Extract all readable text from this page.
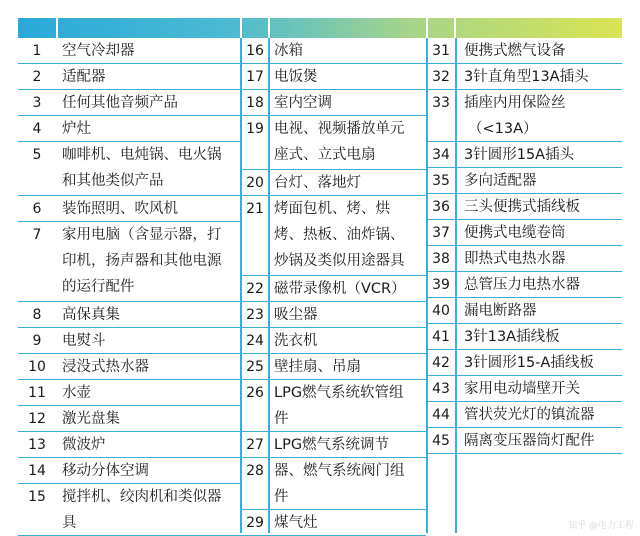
1	空气冷却器
2	适配器
3	任何其他音频产品
4	炉灶
5	咖啡机、电炖锅、电火锅
和其他类似产品
6	装饰照明、吹风机
7	家用电脑（含显示器，打
印机，扬声器和其他电源
的运行配件
8	高保真集
9	电熨斗
10	浸没式热水器
11	水壶
12	激光盘集
13	微波炉
14	移动分体空调
15	搅拌机、绞肉机和类似器
具
16 冰箱
17 电饭煲
18 室内空调
19 电视、视频播放单元
座式、立式电扇
20 台灯、落地灯
21 烤面包机、烤、烘
烤、热板、油炸锅、
炒锅及类似用途器具
22 磁带录像机（VCR）
23 吸尘器
24 洗衣机
25 壁挂扇、吊扇
26 LPG燃气系统软管组
件
27 LPG燃气系统调节
28 器、燃气系统阀门组
件
29 煤气灶
31 便携式燃气设备
32 3针直角型13A插头
33 插座内用保险丝
（<13A）
34 3针圆形15A插头
35 多向适配器
36 三头便携式插线板
37 便携式电缆卷筒
38 即热式电热水器
39 总管压力电热水器
40 漏电断路器
41 3针13A插线板
42 3针圆形15-A插线板
43 家用电动墙壁开关
44 管状荧光灯的镇流器
45 隔离变压器筒灯配件
知乎 @电力工程
